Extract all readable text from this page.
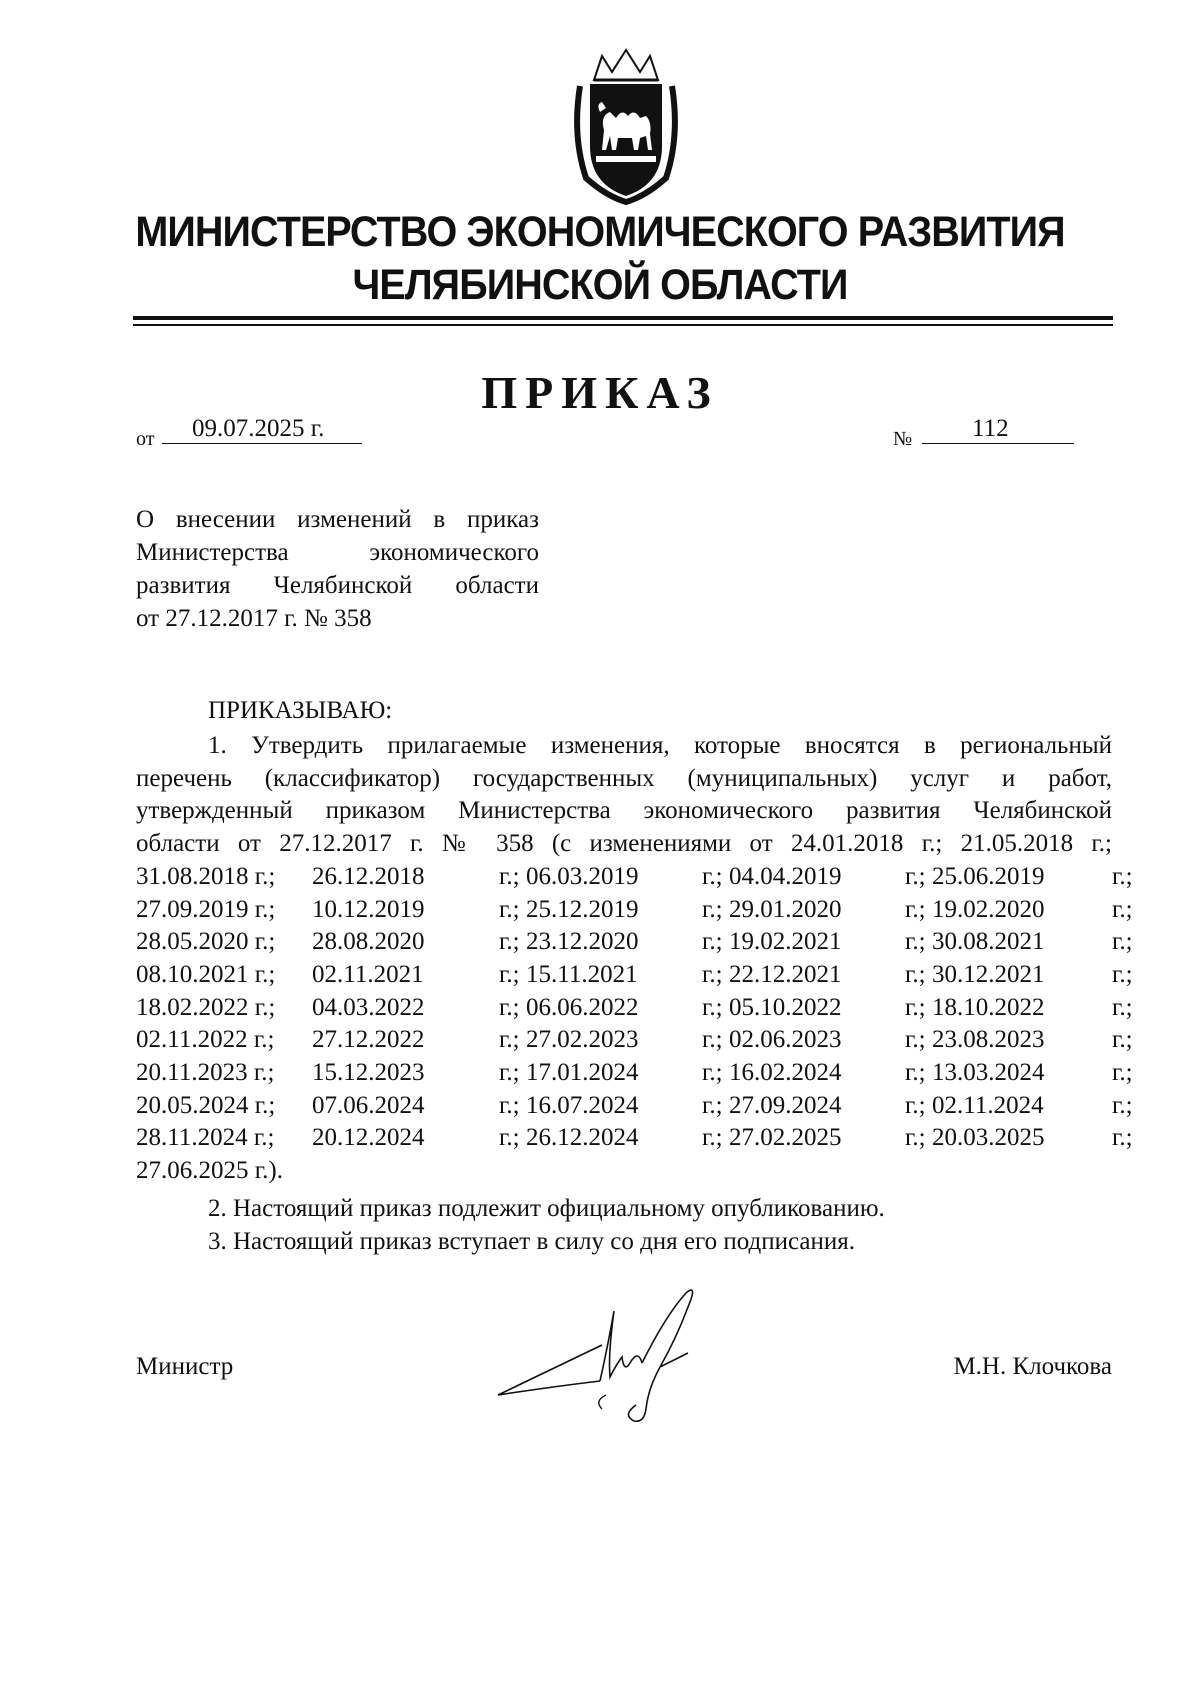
МИНИСТЕРСТВО ЭКОНОМИЧЕСКОГО РАЗВИТИЯ
ЧЕЛЯБИНСКОЙ ОБЛАСТИ
ПРИКАЗ
от	09.07.2025 г.	№	112
О внесении изменений в приказ
Министерства экономического
развития Челябинской области
от 27.12.2017 г. № 358
ПРИКАЗЫВАЮ:
1. Утвердить прилагаемые изменения, которые вносятся в региональный
перечень (классификатор) государственных (муниципальных) услуг и работ,
утвержденный приказом Министерства экономического развития Челябинской
области от 27.12.2017 г. № 358 (с изменениями от 24.01.2018 г.; 21.05.2018 г.;
31.08.2018 г.;	26.12.2018	г.; 06.03.2019	г.; 04.04.2019	г.; 25.06.2019	г.;
27.09.2019 г.;	10.12.2019	г.; 25.12.2019	г.; 29.01.2020	г.; 19.02.2020	г.;
28.05.2020 г.;	28.08.2020	г.; 23.12.2020	г.; 19.02.2021	г.; 30.08.2021	г.;
08.10.2021 г.;	02.11.2021	г.; 15.11.2021	г.; 22.12.2021	г.; 30.12.2021	г.;
18.02.2022 г.;	04.03.2022	г.; 06.06.2022	г.; 05.10.2022	г.; 18.10.2022	г.;
02.11.2022 г.;	27.12.2022	г.; 27.02.2023	г.; 02.06.2023	г.; 23.08.2023	г.;
20.11.2023 г.;	15.12.2023	г.; 17.01.2024	г.; 16.02.2024	г.; 13.03.2024	г.;
20.05.2024 г.;	07.06.2024	г.; 16.07.2024	г.; 27.09.2024	г.; 02.11.2024	г.;
28.11.2024 г.;	20.12.2024	г.; 26.12.2024	г.; 27.02.2025	г.; 20.03.2025	г.;
27.06.2025 г.).
2. Настоящий приказ подлежит официальному опубликованию.
3. Настоящий приказ вступает в силу со дня его подписания.
Министр	М.Н. Клочкова
